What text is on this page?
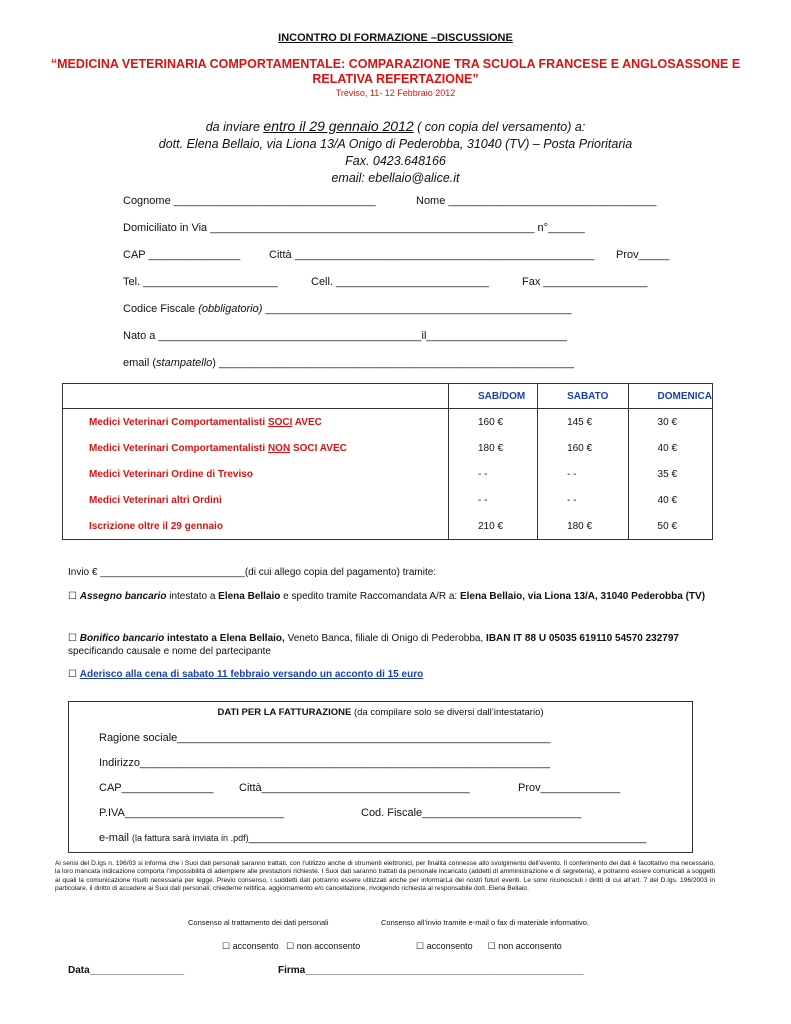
INCONTRO DI FORMAZIONE –DISCUSSIONE
“MEDICINA VETERINARIA COMPORTAMENTALE: COMPARAZIONE TRA SCUOLA FRANCESE E ANGLOSASSONE E
RELATIVA REFERTAZIONE”
Treviso, 11- 12 Febbraio 2012
da inviare entro il 29 gennaio 2012 ( con copia del versamento) a:
dott. Elena Bellaio, via Liona 13/A Onigo di Pederobba, 31040 (TV) – Posta Prioritaria
Fax. 0423.648166
email: ebellaio@alice.it
Cognome _________________________________	Nome __________________________________
Domiciliato in Via _____________________________________________________ n°______
CAP _______________	Città _________________________________________________ Prov_____
Tel. ______________________	Cell. _________________________	Fax _________________
Codice Fiscale (obbligatorio) __________________________________________________
Nato a ___________________________________________il_______________________
email (stampatello) __________________________________________________________
	SAB/DOM	SABATO	DOMENICA
Medici Veterinari Comportamentalisti SOCI AVEC	160 €	145 €	30 €
Medici Veterinari Comportamentalisti NON SOCI AVEC	180 €	160 €	40 €
Medici Veterinari Ordine di Treviso	- -	- -	35 €
Medici Veterinari altri Ordini	- -	- -	40 €
Iscrizione oltre il 29 gennaio	210 €	180 €	50 €
Invio € __________________________(di cui allego copia del pagamento) tramite:
☐ Assegno bancario intestato a Elena Bellaio e spedito tramite Raccomandata A/R a: Elena Bellaio, via Liona 13/A, 31040 Pederobba (TV)
☐ Bonifico bancario intestato a Elena Bellaio, Veneto Banca, filiale di Onigo di Pederobba, IBAN IT 88 U 05035 619110 54570 232797 specificando causale e nome del partecipante
☐ Aderisco alla cena di sabato 11 febbraio versando un acconto di 15 euro
DATI PER LA FATTURAZIONE (da compilare solo se diversi dall’intestatario)
Ragione sociale_____________________________________________________________
Indirizzo___________________________________________________________________
CAP_______________ Città__________________________________	Prov_____________
P.IVA__________________________	Cod. Fiscale__________________________
e-mail (la fattura sarà inviata in .pdf)_________________________________________________________________
Ai sensi del D.lgs n. 196/03 si informa che i Suoi dati personali saranno trattati, con l’utilizzo anche di strumenti elettronici, per finalità connesse allo svolgimento dell’evento. Il conferimento dei dati è facoltativo ma necessario, la loro mancata indicazione comporta l’impossibilità di adempiere alle prestazioni richieste. I Suoi dati saranno trattati da personale incaricato (addetti di amministrazione e di segreteria), e potranno essere comunicati a soggetti ai quali la comunicazione risulti necessaria per legge. Previo consenso, i suddetti dati potranno essere utilizzati anche per informarLa dei nostri futuri eventi. Le sono riconosciuti i diritti di cui all’art. 7 del D.lgs. 196/2003 in particolare, il diritto di accedere ai Suoi dati personali, chiederne rettifica, aggiornamento e/o cancellazione, rivolgendo richiesta al responsabile dott. Elena Bellaio.
Consenso al trattamento dei dati personali	Consenso all’invio tramite e-mail o fax di materiale informativo.
☐ acconsento ☐ non acconsento	☐ acconsento ☐ non acconsento
Data_________________	Firma__________________________________________________
